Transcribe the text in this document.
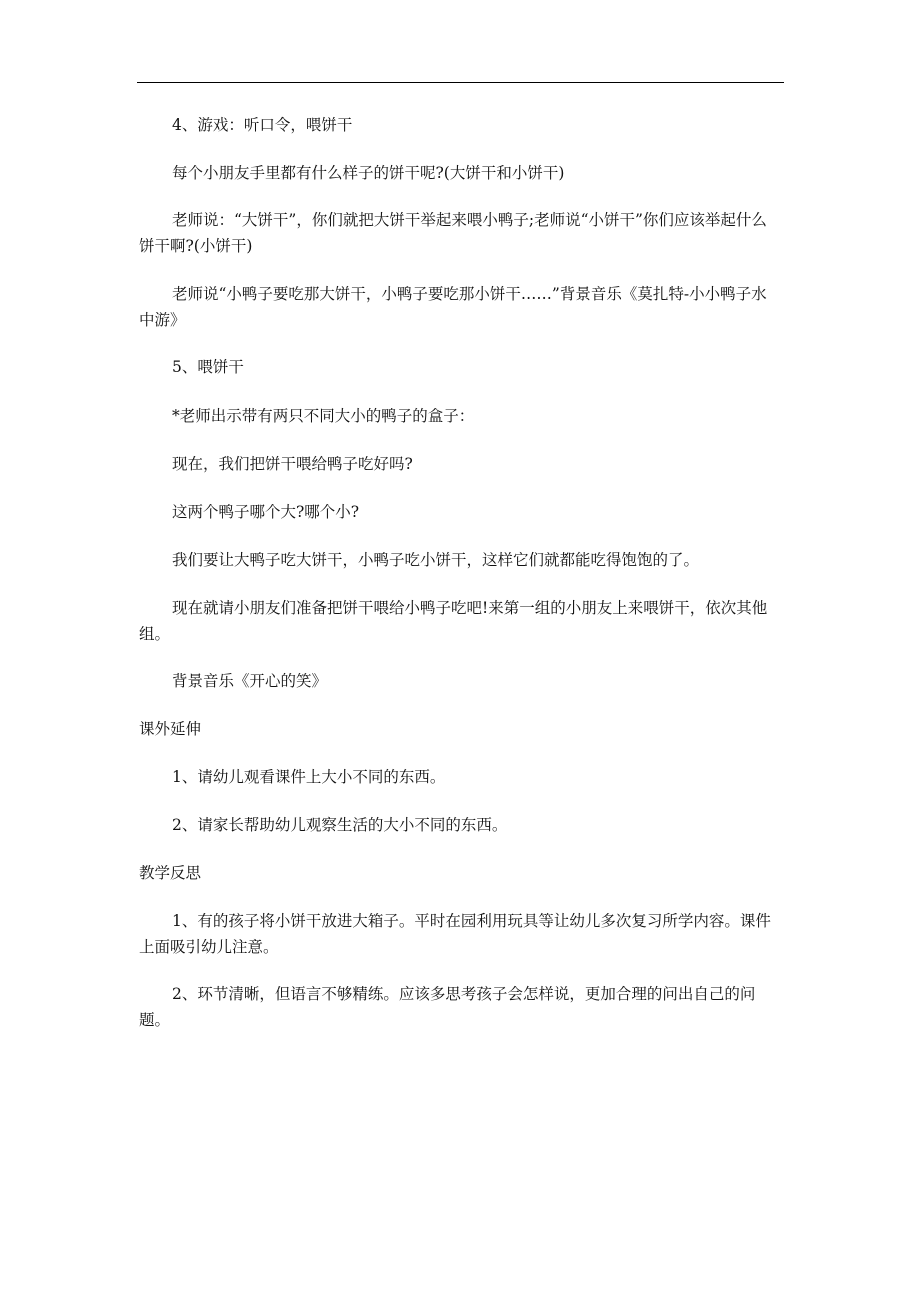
4、游戏：听口令，喂饼干

每个小朋友手里都有什么样子的饼干呢?(大饼干和小饼干)

老师说：“大饼干”，你们就把大饼干举起来喂小鸭子;老师说“小饼干”你们应该举起什么饼干啊?(小饼干)

老师说“小鸭子要吃那大饼干，小鸭子要吃那小饼干……”背景音乐《莫扎特-小小鸭子水中游》

5、喂饼干

*老师出示带有两只不同大小的鸭子的盒子：

现在，我们把饼干喂给鸭子吃好吗?

这两个鸭子哪个大?哪个小?

我们要让大鸭子吃大饼干，小鸭子吃小饼干，这样它们就都能吃得饱饱的了。

现在就请小朋友们准备把饼干喂给小鸭子吃吧!来第一组的小朋友上来喂饼干，依次其他组。

背景音乐《开心的笑》

课外延伸

1、请幼儿观看课件上大小不同的东西。

2、请家长帮助幼儿观察生活的大小不同的东西。

教学反思

1、有的孩子将小饼干放进大箱子。平时在园利用玩具等让幼儿多次复习所学内容。课件上面吸引幼儿注意。

2、环节清晰，但语言不够精练。应该多思考孩子会怎样说，更加合理的问出自己的问题。
